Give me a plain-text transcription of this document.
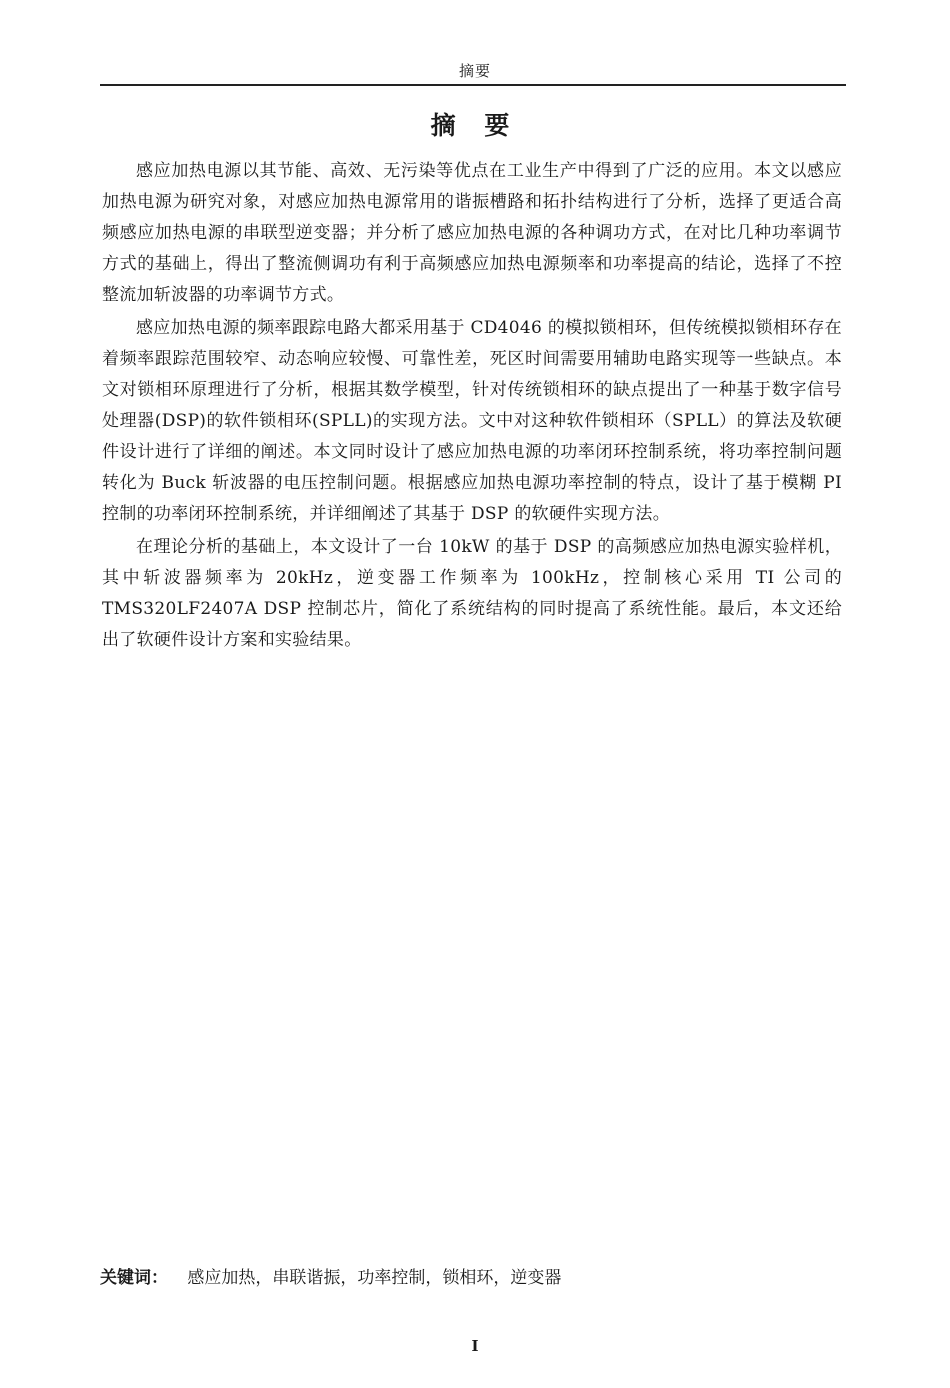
摘要
摘 要

感应加热电源以其节能、高效、无污染等优点在工业生产中得到了广泛的应用。本文以感应加热电源为研究对象，对感应加热电源常用的谐振槽路和拓扑结构进行了分析，选择了更适合高频感应加热电源的串联型逆变器；并分析了感应加热电源的各种调功方式，在对比几种功率调节方式的基础上，得出了整流侧调功有利于高频感应加热电源频率和功率提高的结论，选择了不控整流加斩波器的功率调节方式。

感应加热电源的频率跟踪电路大都采用基于 CD4046 的模拟锁相环，但传统模拟锁相环存在着频率跟踪范围较窄、动态响应较慢、可靠性差，死区时间需要用辅助电路实现等一些缺点。本文对锁相环原理进行了分析，根据其数学模型，针对传统锁相环的缺点提出了一种基于数字信号处理器(DSP)的软件锁相环(SPLL)的实现方法。文中对这种软件锁相环（SPLL）的算法及软硬件设计进行了详细的阐述。本文同时设计了感应加热电源的功率闭环控制系统，将功率控制问题转化为 Buck 斩波器的电压控制问题。根据感应加热电源功率控制的特点，设计了基于模糊 PI 控制的功率闭环控制系统，并详细阐述了其基于 DSP 的软硬件实现方法。

在理论分析的基础上，本文设计了一台 10kW 的基于 DSP 的高频感应加热电源实验样机，其中斩波器频率为 20kHz，逆变器工作频率为 100kHz，控制核心采用 TI 公司的 TMS320LF2407A DSP 控制芯片，简化了系统结构的同时提高了系统性能。最后，本文还给出了软硬件设计方案和实验结果。

关键词： 感应加热，串联谐振，功率控制，锁相环，逆变器
I
